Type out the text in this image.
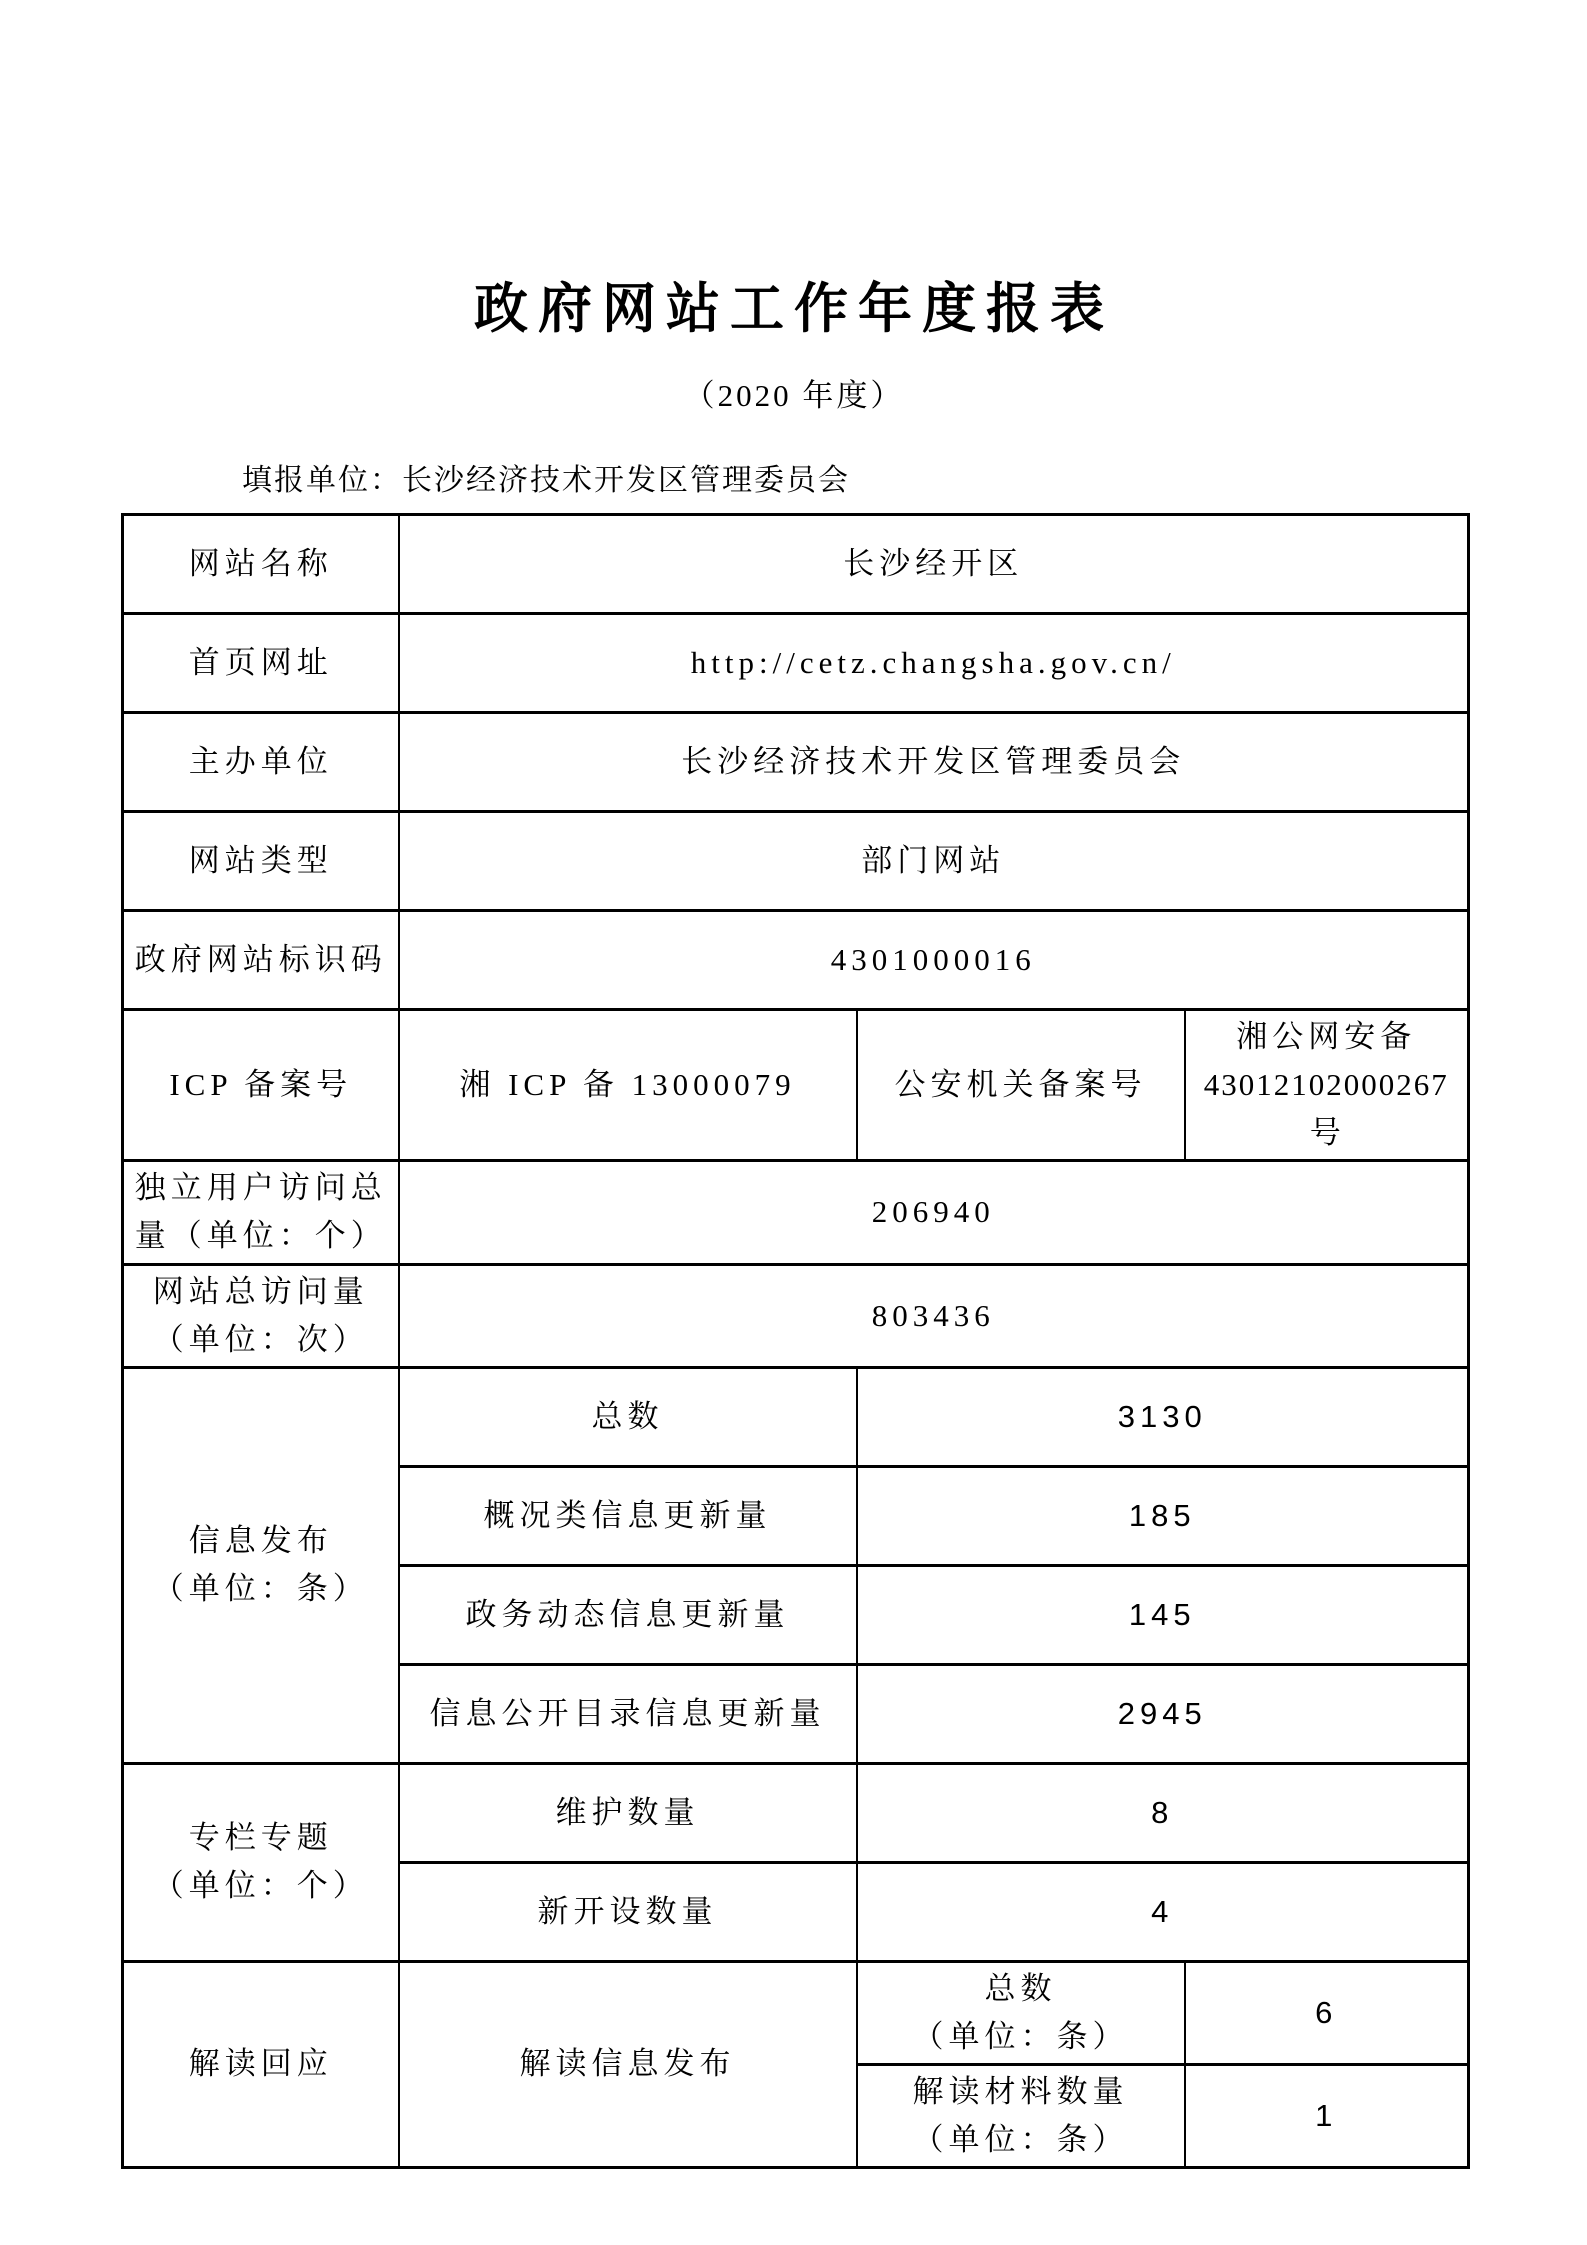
政府网站工作年度报表
（2020 年度）
填报单位：长沙经济技术开发区管理委员会
网站名称	长沙经开区		
首页网址	http://cetz.changsha.gov.cn/		
主办单位	长沙经济技术开发区管理委员会		
网站类型	部门网站		
政府网站标识码	4301000016		
ICP 备案号	湘 ICP 备 13000079	公安机关备案号	湘公网安备
43012102000267 号

独立用户访问总
量（单位：个）	206940		

网站总访问量
（单位：次）	803436		

信息发布
（单位：条）	总数	3130	
	概况类信息更新量	185	
	政务动态信息更新量	145	
	信息公开目录信息更新量	2945	

专栏专题
（单位：个）	维护数量	8	
	新开设数量	4	
解读回应	解读信息发布	总数
（单位：条）	6

		解读材料数量
（单位：条）	1
